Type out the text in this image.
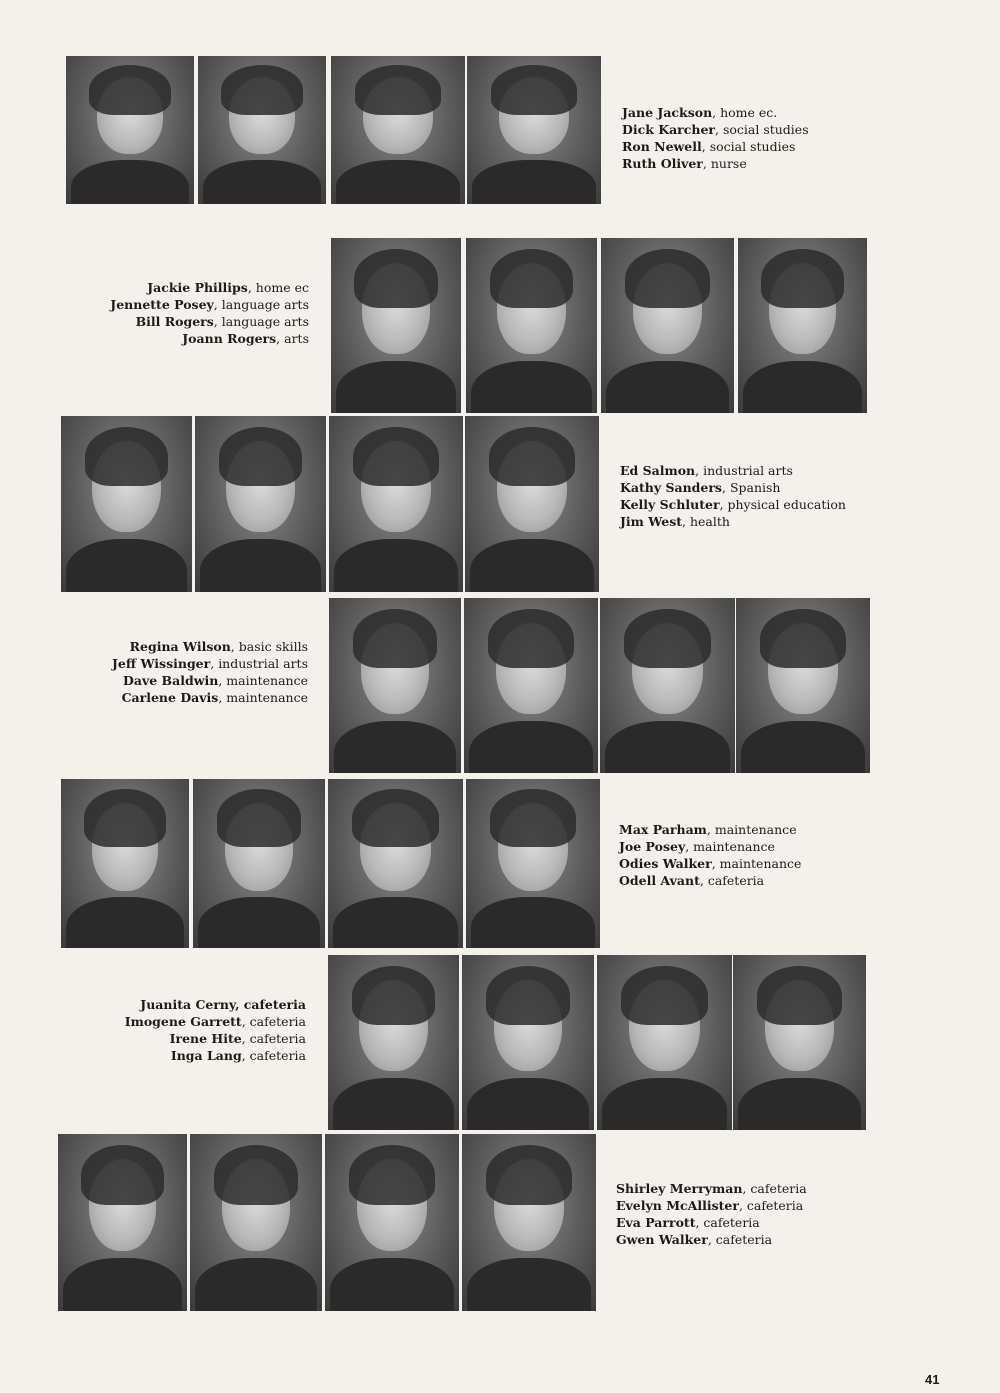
Jane Jackson, home ec.
Dick Karcher, social studies
Ron Newell, social studies
Ruth Oliver, nurse
Jackie Phillips, home ec
Jennette Posey, language arts
Bill Rogers, language arts
Joann Rogers, arts
Ed Salmon, industrial arts
Kathy Sanders, Spanish
Kelly Schluter, physical education
Jim West, health
Regina Wilson, basic skills
Jeff Wissinger, industrial arts
Dave Baldwin, maintenance
Carlene Davis, maintenance
Max Parham, maintenance
Joe Posey, maintenance
Odies Walker, maintenance
Odell Avant, cafeteria
Juanita Cerny, cafeteria
Imogene Garrett, cafeteria
Irene Hite, cafeteria
Inga Lang, cafeteria
Shirley Merryman, cafeteria
Evelyn McAllister, cafeteria
Eva Parrott, cafeteria
Gwen Walker, cafeteria
41
